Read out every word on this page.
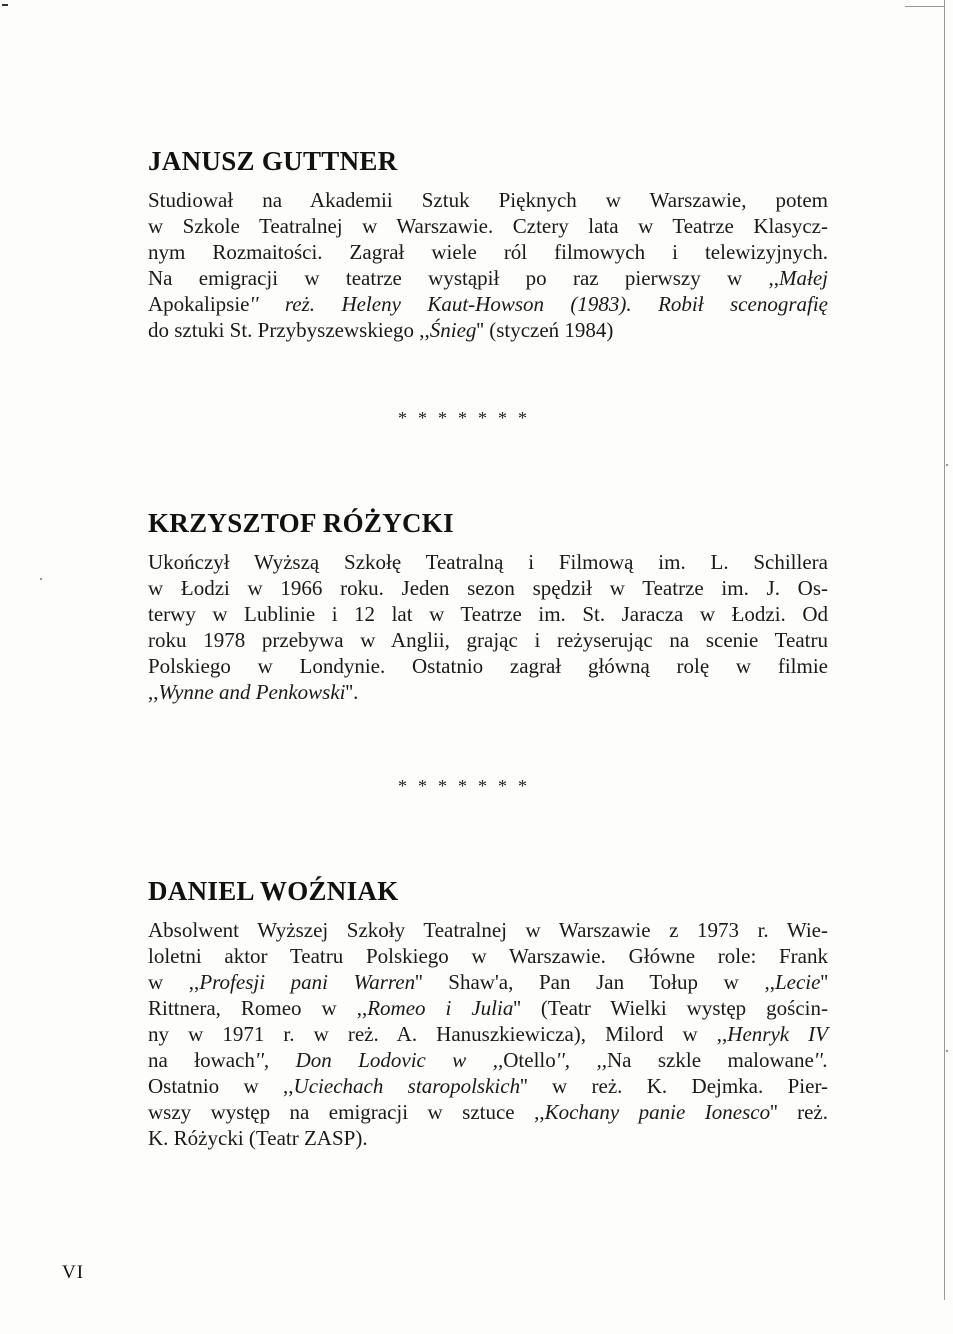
JANUSZ GUTTNER
Studiował na Akademii Sztuk Pięknych w Warszawie, potem
w Szkole Teatralnej w Warszawie. Cztery lata w Teatrze Klasycz-
nym Rozmaitości. Zagrał wiele ról filmowych i telewizyjnych.
Na emigracji w teatrze wystąpił po raz pierwszy w ,,Małej
Apokalipsie'' reż. Heleny Kaut-Howson (1983). Robił scenografię
do sztuki St. Przybyszewskiego ,,Śnieg'' (styczeń 1984)
*******
KRZYSZTOF RÓŻYCKI
Ukończył Wyższą Szkołę Teatralną i Filmową im. L. Schillera
w Łodzi w 1966 roku. Jeden sezon spędził w Teatrze im. J. Os-
terwy w Lublinie i 12 lat w Teatrze im. St. Jaracza w Łodzi. Od
roku 1978 przebywa w Anglii, grając i reżyserując na scenie Teatru
Polskiego w Londynie. Ostatnio zagrał główną rolę w filmie
,,Wynne and Penkowski''.
*******
DANIEL WOŹNIAK
Absolwent Wyższej Szkoły Teatralnej w Warszawie z 1973 r. Wie-
loletni aktor Teatru Polskiego w Warszawie. Główne role: Frank
w ,,Profesji pani Warren'' Shaw'a, Pan Jan Tołup w ,,Lecie''
Rittnera, Romeo w ,,Romeo i Julia'' (Teatr Wielki występ gościn-
ny w 1971 r. w reż. A. Hanuszkiewicza), Milord w ,,Henryk IV
na łowach'', Don Lodovic w ,,Otello'', ,,Na szkle malowane''.
Ostatnio w ,,Uciechach staropolskich'' w reż. K. Dejmka. Pier-
wszy występ na emigracji w sztuce ,,Kochany panie Ionesco'' reż.
K. Różycki (Teatr ZASP).
VI
